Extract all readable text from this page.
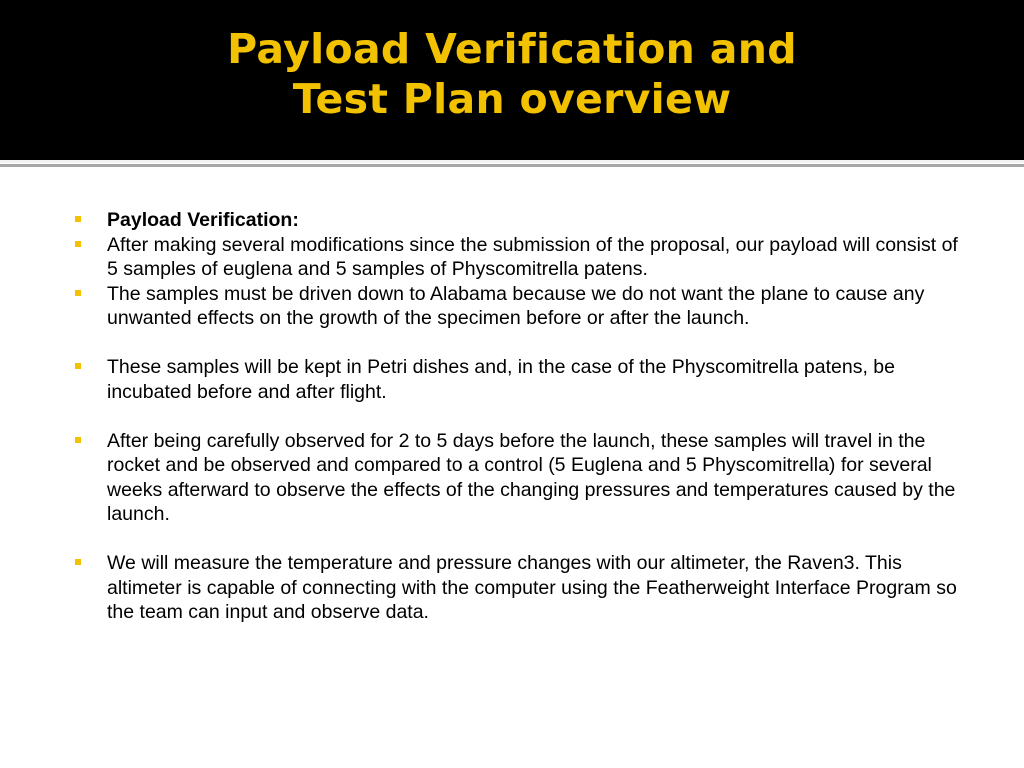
Payload Verification and
Test Plan overview
Payload Verification:
After making several modifications since the submission of the proposal, our payload will consist of 5 samples of euglena and 5 samples of Physcomitrella patens.
The samples must be driven down to Alabama because we do not want the plane to cause any unwanted effects on the growth of the specimen before or after the launch.
These samples will be kept in Petri dishes and, in the case of the Physcomitrella patens, be incubated before and after flight.
After being carefully observed for 2 to 5 days before the launch, these samples will travel in the rocket and be observed and compared to a control (5 Euglena and 5 Physcomitrella) for several weeks afterward to observe the effects of the changing pressures and temperatures caused by the launch.
We will measure the temperature and pressure changes with our altimeter, the Raven3. This altimeter is capable of connecting with the computer using the Featherweight Interface Program so the team can input and observe data.
